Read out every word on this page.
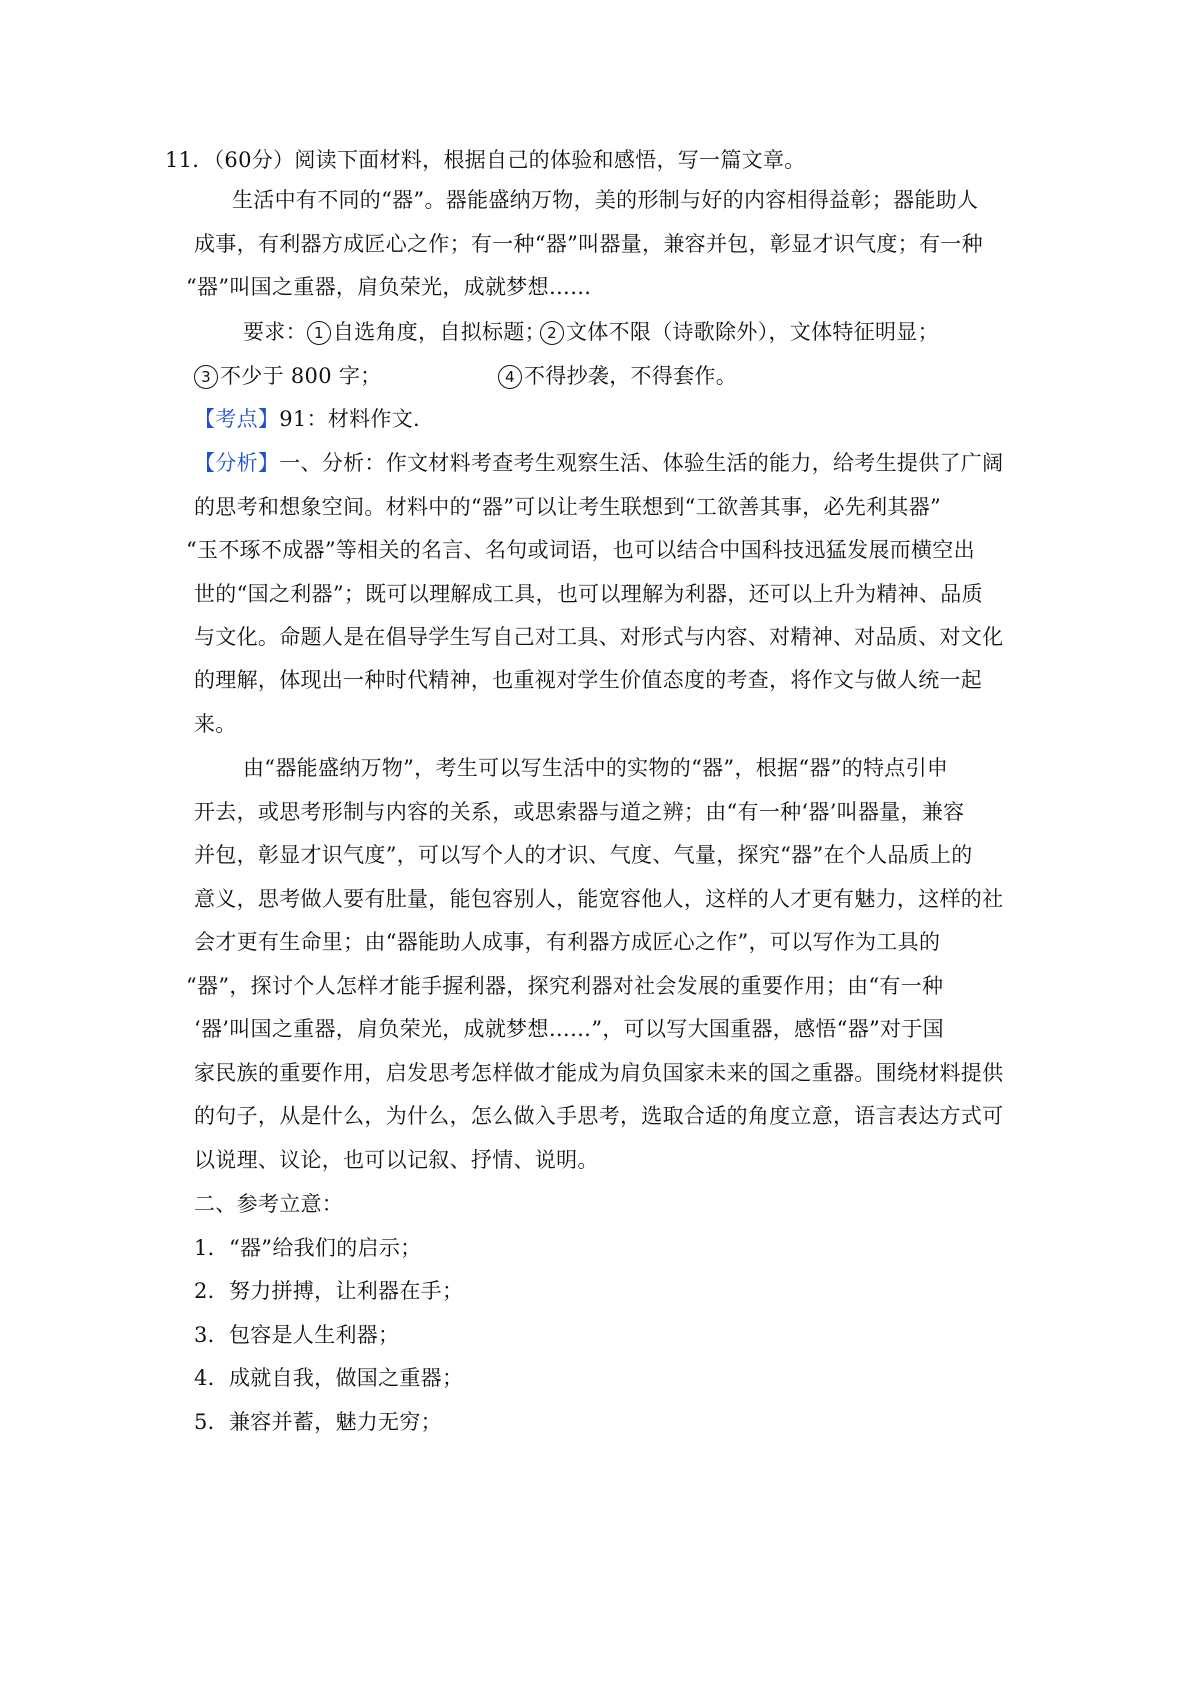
11．（60分）阅读下面材料，根据自己的体验和感悟，写一篇文章。
生活中有不同的“器”。器能盛纳万物，美的形制与好的内容相得益彰；器能助人
成事，有利器方成匠心之作；有一种“器”叫器量，兼容并包，彰显才识气度；有一种
“器”叫国之重器，肩负荣光，成就梦想……
要求： 1 自选角度，自拟标题； 2 文体不限（诗歌除外），文体特征明显；
3 不少于 800 字；	4 不得抄袭，不得套作。
【考点】91：材料作文.
【分析】一、分析：作文材料考查考生观察生活、体验生活的能力，给考生提供了广阔
的思考和想象空间。材料中的“器”可以让考生联想到“工欲善其事，必先利其器”
“玉不琢不成器”等相关的名言、名句或词语，也可以结合中国科技迅猛发展而横空出
世的“国之利器”；既可以理解成工具，也可以理解为利器，还可以上升为精神、品质
与文化。命题人是在倡导学生写自己对工具、对形式与内容、对精神、对品质、对文化
的理解，体现出一种时代精神，也重视对学生价值态度的考查，将作文与做人统一起
来。
由“器能盛纳万物”，考生可以写生活中的实物的“器”，根据“器”的特点引申
开去，或思考形制与内容的关系，或思索器与道之辨；由“有一种‘器’叫器量，兼容
并包，彰显才识气度”，可以写个人的才识、气度、气量，探究“器”在个人品质上的
意义，思考做人要有肚量，能包容别人，能宽容他人，这样的人才更有魅力，这样的社
会才更有生命里；由“器能助人成事，有利器方成匠心之作”，可以写作为工具的
“器”，探讨个人怎样才能手握利器，探究利器对社会发展的重要作用；由“有一种
‘器’叫国之重器，肩负荣光，成就梦想……”，可以写大国重器，感悟“器”对于国
家民族的重要作用，启发思考怎样做才能成为肩负国家未来的国之重器。围绕材料提供
的句子，从是什么，为什么，怎么做入手思考，选取合适的角度立意，语言表达方式可
以说理、议论，也可以记叙、抒情、说明。
二、参考立意：
1．“器”给我们的启示；
2．努力拼搏，让利器在手；
3．包容是人生利器；
4．成就自我，做国之重器；
5．兼容并蓄，魅力无穷；
